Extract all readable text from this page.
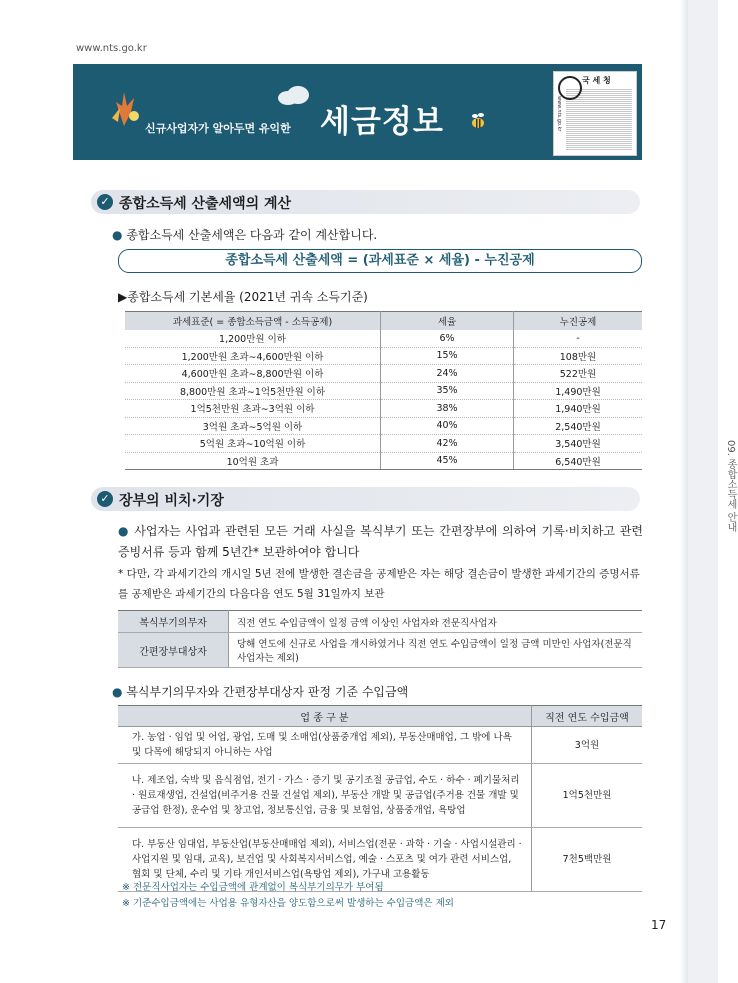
09. 종합소득세 안내
www.nts.go.kr
신규사업자가 알아두면 유익한 세금정보
국 세 청
www.nts.go.kr
✓ 종합소득세 산출세액의 계산
● 종합소득세 산출세액은 다음과 같이 계산합니다.
종합소득세 산출세액 = (과세표준 × 세율) - 누진공제
▶종합소득세 기본세율 (2021년 귀속 소득기준)
과세표준( = 종합소득금액 - 소득공제)	세율	누진공제
1,200만원 이하	6%	-
1,200만원 초과∼4,600만원 이하	15%	108만원
4,600만원 초과∼8,800만원 이하	24%	522만원
8,800만원 초과∼1억5천만원 이하	35%	1,490만원
1억5천만원 초과∼3억원 이하	38%	1,940만원
3억원 초과∼5억원 이하	40%	2,540만원
5억원 초과∼10억원 이하	42%	3,540만원
10억원 초과	45%	6,540만원
✓ 장부의 비치·기장
● 사업자는 사업과 관련된 모든 거래 사실을 복식부기 또는 간편장부에 의하여 기록·비치하고 관련 증빙서류 등과 함께 5년간* 보관하여야 합니다
* 다만, 각 과세기간의 개시일 5년 전에 발생한 결손금을 공제받은 자는 해당 결손금이 발생한 과세기간의 증명서류를 공제받은 과세기간의 다음다음 연도 5월 31일까지 보관
복식부기의무자	직전 연도 수입금액이 일정 금액 이상인 사업자와 전문직사업자
간편장부대상자	당해 연도에 신규로 사업을 개시하였거나 직전 연도 수입금액이 일정 금액 미만인 사업자(전문직사업자는 제외)
● 복식부기의무자와 간편장부대상자 판정 기준 수입금액
업 종 구 분	직전 연도 수입금액
가. 농업 · 임업 및 어업, 광업, 도매 및 소매업(상품중개업 제외), 부동산매매업, 그 밖에 나욕 및 다목에 해당되지 아니하는 사업	3억원
나. 제조업, 숙박 및 음식점업, 전기 · 가스 · 증기 및 공기조절 공급업, 수도 · 하수 · 폐기물처리 · 원료재생업, 건설업(비주거용 건물 건설업 제외), 부동산 개발 및 공급업(주거용 건물 개발 및 공급업 한정), 운수업 및 창고업, 정보통신업, 금융 및 보험업, 상품중개업, 욕탕업	1억5천만원
다. 부동산 임대업, 부동산업(부동산매매업 제외), 서비스업(전문 · 과학 · 기술 · 사업시설관리 · 사업지원 및 임대, 교육), 보건업 및 사회복지서비스업, 예술 · 스포츠 및 여가 관련 서비스업, 협회 및 단체, 수리 및 기타 개인서비스업(욕탕업 제외), 가구내 고용활동	7천5백만원
※ 전문직사업자는 수입금액에 관계없이 복식부기의무가 부여됨
※ 기준수입금액에는 사업용 유형자산을 양도함으로써 발생하는 수입금액은 제외
17
